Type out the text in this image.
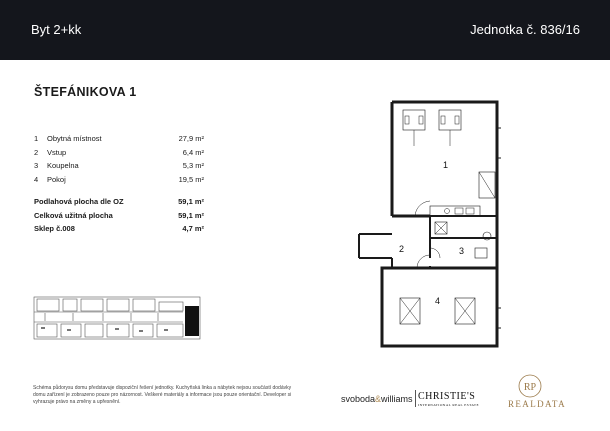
Byt 2+kk	Jednotka č. 836/16
ŠTEFÁNIKOVA 1
1 Obytná místnost	27,9 m²
2 Vstup	6,4 m²
3 Koupelna	5,3 m²
4 Pokoj	19,5 m²
Podlahová plocha dle OZ	59,1 m²
Celková užitná plocha	59,1 m²
Sklep č.008	4,7 m²
1
2	3
4
Schéma půdorysu domu představuje dispoziční řešení jednotky. Kuchyňská linka a nábytek nejsou součástí dodávky domu zařízení je zobrazeno pouze pro názornost. Veškeré materiály a informace jsou pouze orientační. Developer si vyhrazuje právo na změny a upřesnění.	svoboda&williams CHRISTIE'S
INTERNATIONAL REAL ESTATE
RP
REALDATA
